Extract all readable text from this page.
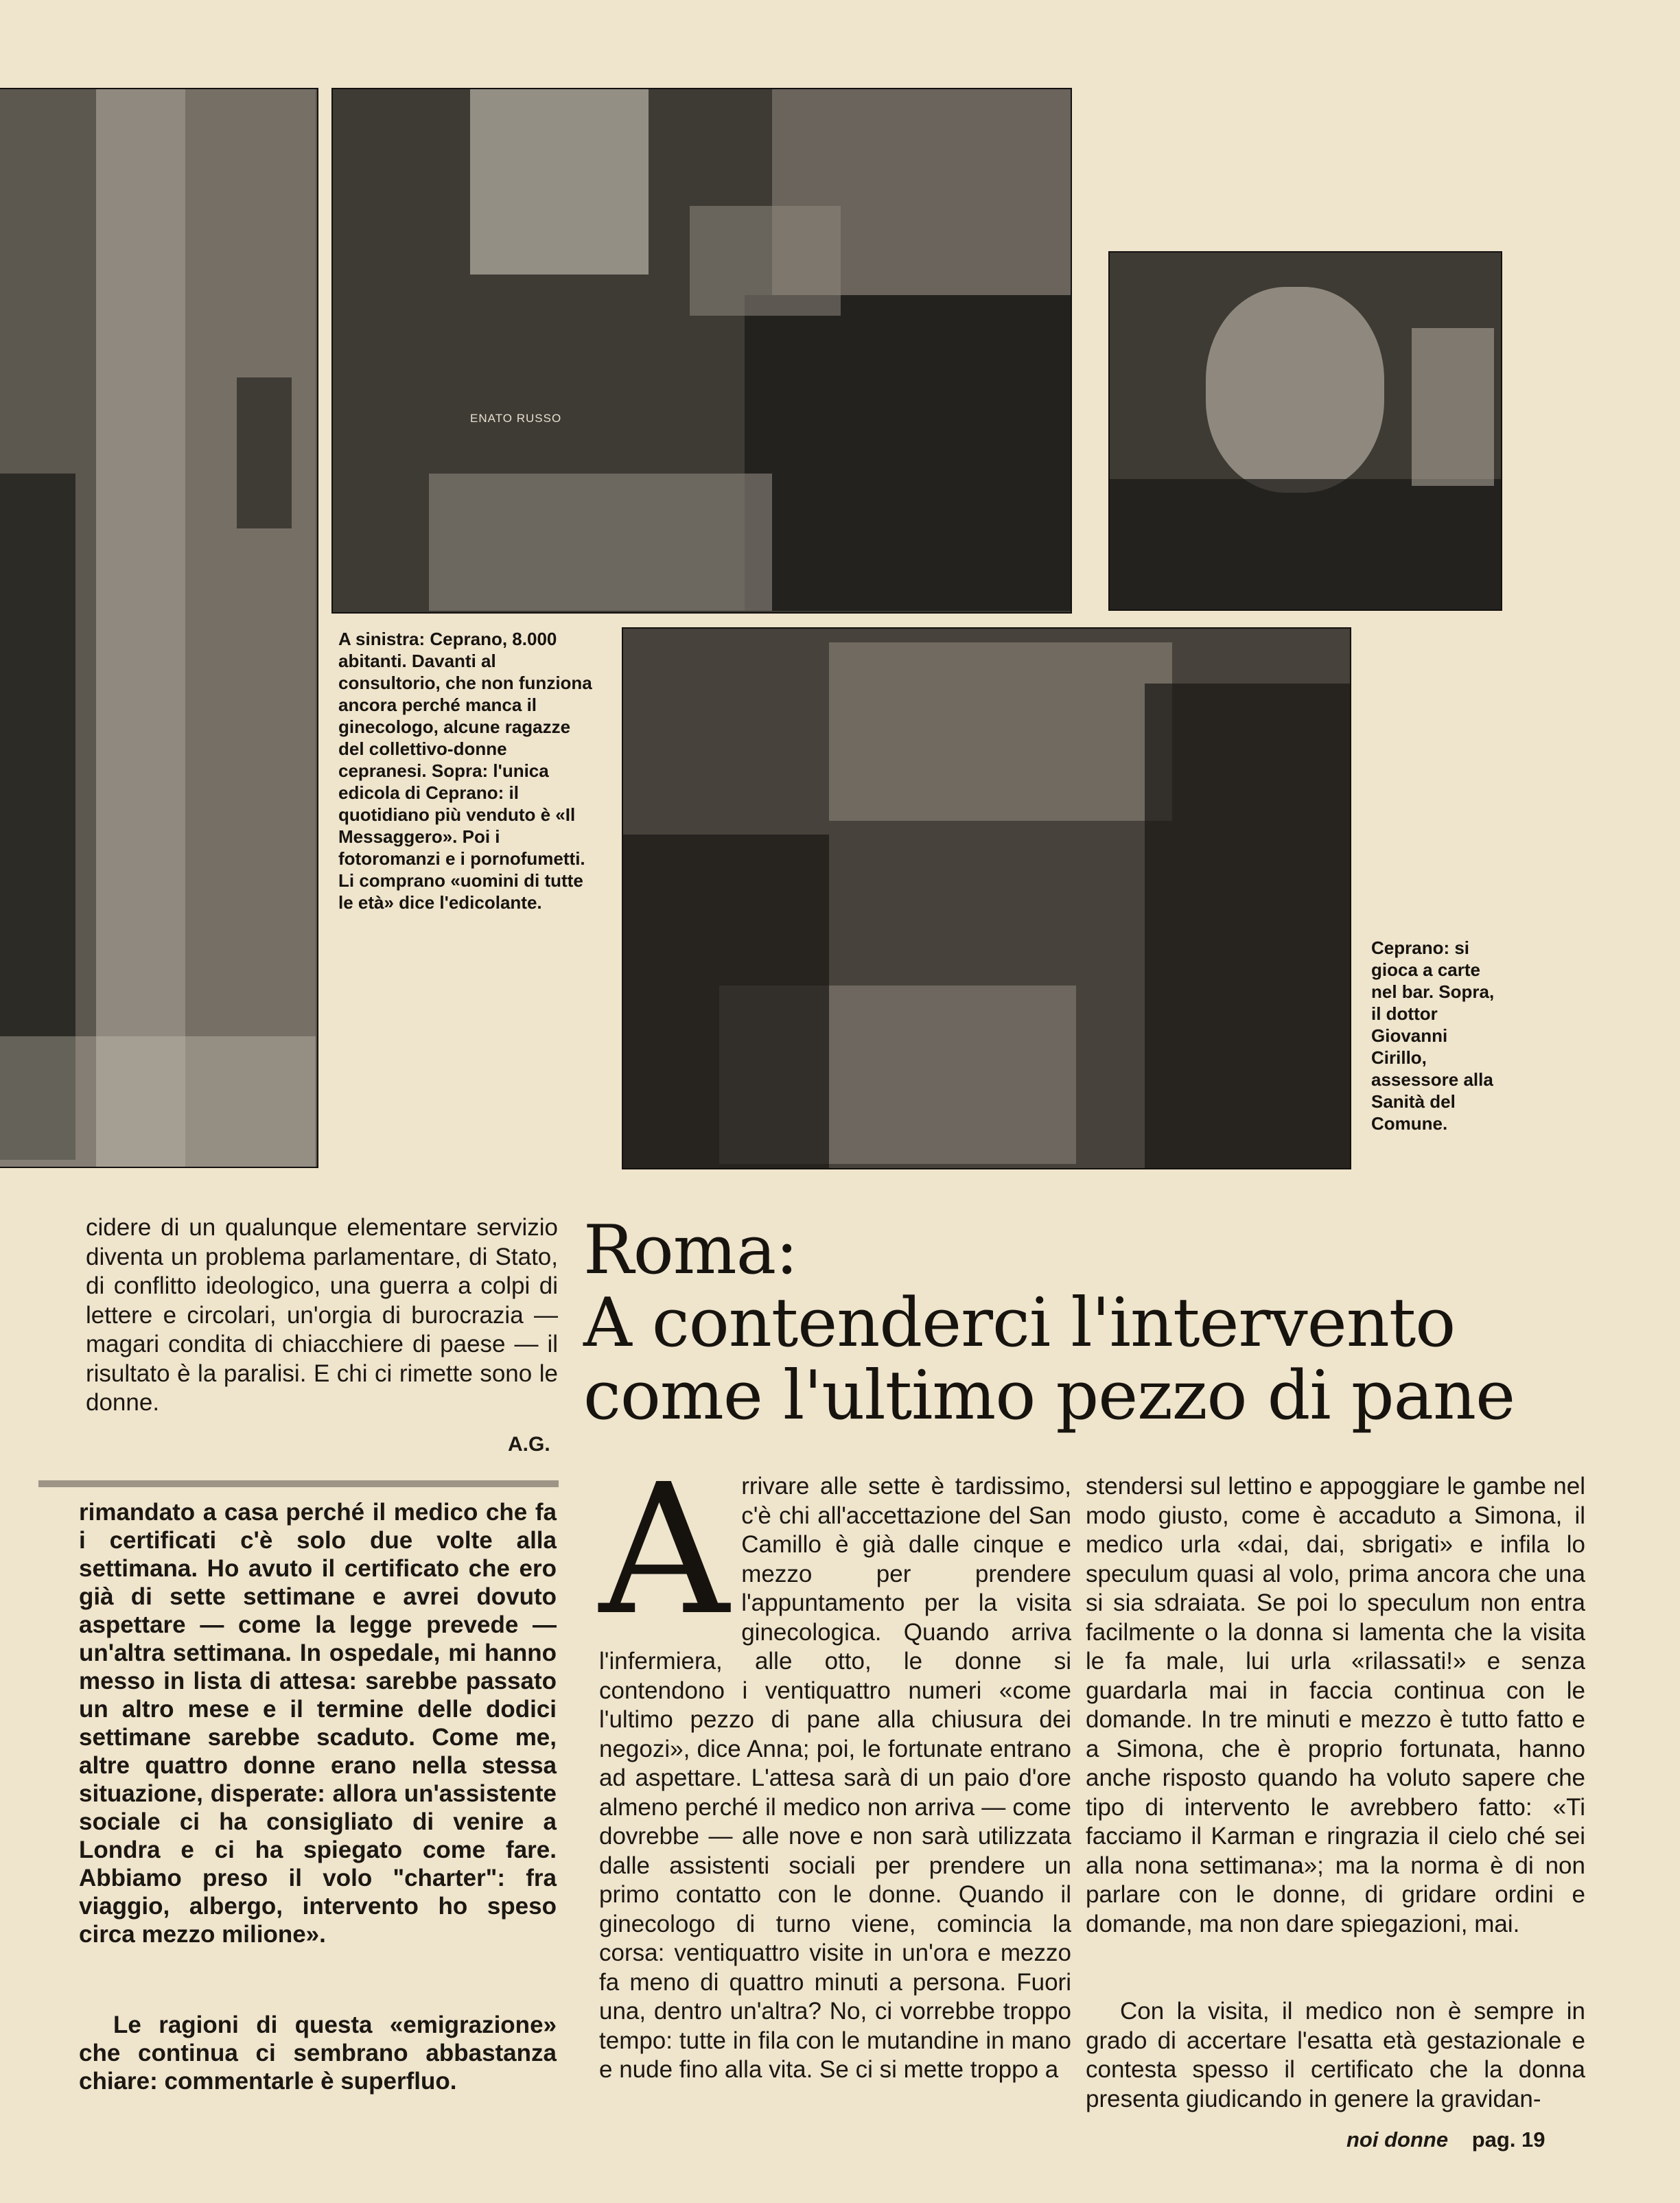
ENATO RUSSO

A sinistra: Ceprano, 8.000 abitanti. Davanti al consultorio, che non funziona ancora perché manca il ginecologo, alcune ragazze del collettivo-donne cepranesi. Sopra: l'unica edicola di Ceprano: il quotidiano più venduto è «Il Messaggero». Poi i fotoromanzi e i pornofumetti. Li comprano «uomini di tutte le età» dice l'edicolante.

Ceprano: si gioca a carte nel bar. Sopra, il dottor Giovanni Cirillo, assessore alla Sanità del Comune.

cidere di un qualunque elementare servizio diventa un problema parlamentare, di Stato, di conflitto ideologico, una guerra a colpi di lettere e circolari, un'orgia di burocrazia — magari condita di chiacchiere di paese — il risultato è la paralisi. E chi ci rimette sono le donne.

A.G.
Roma:
A contenderci l'intervento
come l'ultimo pezzo di pane

rimandato a casa perché il medico che fa i certificati c'è solo due volte alla settimana. Ho avuto il certificato che ero già di sette settimane e avrei dovuto aspettare — come la legge prevede — un'altra settimana. In ospedale, mi hanno messo in lista di attesa: sarebbe passato un altro mese e il termine delle dodici settimane sarebbe scaduto. Come me, altre quattro donne erano nella stessa situazione, disperate: allora un'assistente sociale ci ha consigliato di venire a Londra e ci ha spiegato come fare. Abbiamo preso il volo "charter": fra viaggio, albergo, intervento ho speso circa mezzo milione».

Le ragioni di questa «emigrazione» che continua ci sembrano abbastanza chiare: commentarle è superfluo.

A rrivare alle sette è tardissimo, c'è chi all'accettazione del San Camillo è già dalle cinque e mezzo per prendere l'appuntamento per la visita ginecologica. Quando arriva l'infermiera, alle otto, le donne si contendono i ventiquattro numeri «come l'ultimo pezzo di pane alla chiusura dei negozi», dice Anna; poi, le fortunate entrano ad aspettare. L'attesa sarà di un paio d'ore almeno perché il medico non arriva — come dovrebbe — alle nove e non sarà utilizzata dalle assistenti sociali per prendere un primo contatto con le donne. Quando il ginecologo di turno viene, comincia la corsa: ventiquattro visite in un'ora e mezzo fa meno di quattro minuti a persona. Fuori una, dentro un'altra? No, ci vorrebbe troppo tempo: tutte in fila con le mutandine in mano e nude fino alla vita. Se ci si mette troppo a

stendersi sul lettino e appoggiare le gambe nel modo giusto, come è accaduto a Simona, il medico urla «dai, dai, sbrigati» e infila lo speculum quasi al volo, prima ancora che una si sia sdraiata. Se poi lo speculum non entra facilmente o la donna si lamenta che la visita le fa male, lui urla «rilassati!» e senza guardarla mai in faccia continua con le domande. In tre minuti e mezzo è tutto fatto e a Simona, che è proprio fortunata, hanno anche risposto quando ha voluto sapere che tipo di intervento le avrebbero fatto: «Ti facciamo il Karman e ringrazia il cielo ché sei alla nona settimana»; ma la norma è di non parlare con le donne, di gridare ordini e domande, ma non dare spiegazioni, mai.

Con la visita, il medico non è sempre in grado di accertare l'esatta età gestazionale e contesta spesso il certificato che la donna presenta giudicando in genere la gravidan-

noi donne pag. 19
